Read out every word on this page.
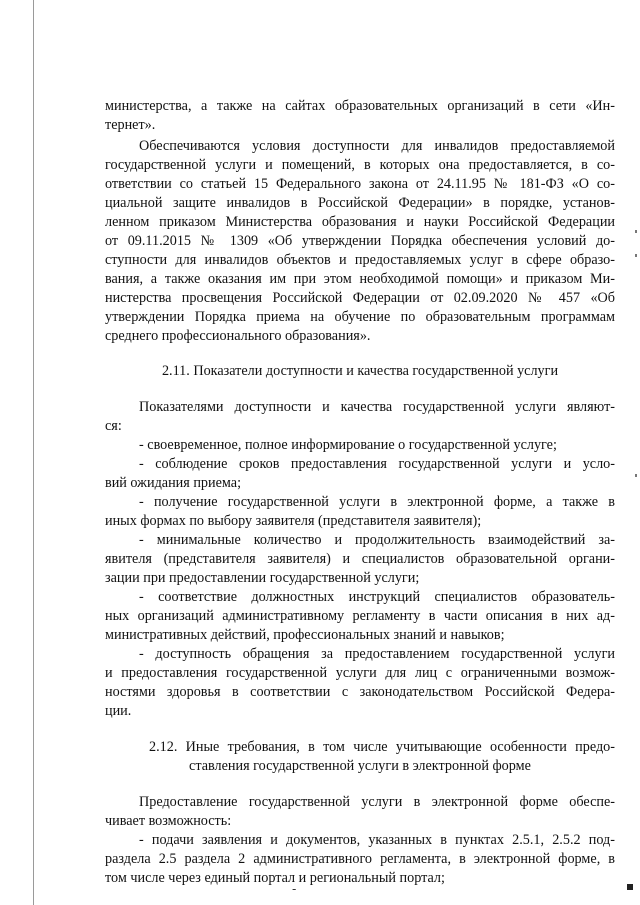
министерства, а также на сайтах образовательных организаций в сети «Ин-
тернет».
Обеспечиваются условия доступности для инвалидов предоставляемой
государственной услуги и помещений, в которых она предоставляется, в со-
ответствии со статьей 15 Федерального закона от 24.11.95 № 181-ФЗ «О со-
циальной защите инвалидов в Российской Федерации» в порядке, установ-
ленном приказом Министерства образования и науки Российской Федерации
от 09.11.2015 № 1309 «Об утверждении Порядка обеспечения условий до-
ступности для инвалидов объектов и предоставляемых услуг в сфере образо-
вания, а также оказания им при этом необходимой помощи» и приказом Ми-
нистерства просвещения Российской Федерации от 02.09.2020 № 457 «Об
утверждении Порядка приема на обучение по образовательным программам
среднего профессионального образования».
2.11. Показатели доступности и качества государственной услуги
Показателями доступности и качества государственной услуги являют-
ся:
- своевременное, полное информирование о государственной услуге;
- соблюдение сроков предоставления государственной услуги и усло-
вий ожидания приема;
- получение государственной услуги в электронной форме, а также в
иных формах по выбору заявителя (представителя заявителя);
- минимальные количество и продолжительность взаимодействий за-
явителя (представителя заявителя) и специалистов образовательной органи-
зации при предоставлении государственной услуги;
- соответствие должностных инструкций специалистов образователь-
ных организаций административному регламенту в части описания в них ад-
министративных действий, профессиональных знаний и навыков;
- доступность обращения за предоставлением государственной услуги
и предоставления государственной услуги для лиц с ограниченными возмож-
ностями здоровья в соответствии с законодательством Российской Федера-
ции.
2.12. Иные требования, в том числе учитывающие особенности предо-
ставления государственной услуги в электронной форме
Предоставление государственной услуги в электронной форме обеспе-
чивает возможность:
- подачи заявления и документов, указанных в пунктах 2.5.1, 2.5.2 под-
раздела 2.5 раздела 2 административного регламента, в электронной форме, в
том числе через единый портал и региональный портал;
-
